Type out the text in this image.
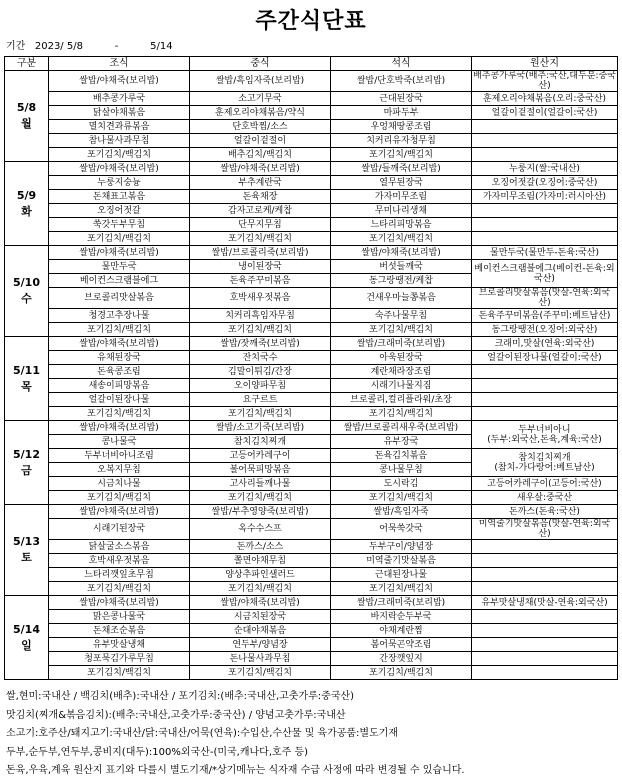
주간식단표
기간   2023/ 5/8          -          5/14
구분	조식	중식	석식	원산지
5/8
월	쌀밥/야채죽(보리밥)	쌀밥/흑임자죽(보리밥)	쌀밥/단호박죽(보리밥)	배추콩가루국(배추:국산,대두분:중국산)
	배추콩가루국	소고기무국	근대된장국	훈제오리야채볶음(오리:중국산)
	닭살야채볶음	훈제오리야채볶음/약식	마파두부	얼갈이겉절이(얼갈이:국산)
	멸치견과류볶음	단호박찜/소스	우엉채땅콩조림	
	참나물사과무침	얼갈이겉절이	치커리유자청무침	
	포기김치/백김치	배추김치/백김치	포기김치/백김치	
5/9
화	쌀밥/야채죽(보리밥)	쌀밥/야채죽(보리밥)	쌀밥/들깨죽(보리밥)	누룽지(쌀:국내산)
	누룽지숭늉	부추계란국	열무된장국	오징어젓갈(오징어:중국산)
	돈채표고볶음	돈육채장	가자미무조림	가자미무조림(가자미:러시아산)
	오징어젓갈	감자고로케/케찹	무미나리생채	
	쑥갓두부무침	단무지무침	느타리피망볶음	
	포기김치/백김치	포기김치/백김치	포기김치/백김치	
5/10
수	쌀밥/야채죽(보리밥)	쌀밥/브로콜리죽(보리밥)	쌀밥/야채죽(보리밥)	물만두국(물만두-돈육:국산)
	물만두국	냉이된장국	버섯들깨국	베이컨스크램블에그(베이컨-돈육:외국산)
	베이컨스크램블에그	돈육주꾸미볶음	동그랑땡전/케찹	
	브로콜리맛살볶음	호박새우젓볶음	건새우마늘쫑볶음	브로콜리맛살볶음(맛살-연육:외국산)
	청경고추장나물	치커리흑임자무침	숙주나물무침	돈육주꾸미볶음(주꾸미:베트남산)
	포기김치/백김치	포기김치/백김치	포기김치/백김치	동그랑땡전(오징어:외국산)
5/11
목	쌀밥/야채죽(보리밥)	쌀밥/잣깨죽(보리밥)	쌀밥/크래미죽(보리밥)	크래미,맛살(연육:외국산)
	유채된장국	잔치국수	아욱된장국	얼갈이된장나물(얼갈이:국산)
	돈육콩조림	김말이튀김/간장	계란채라장조림	
	새송이피망볶음	오이양파무침	시래기나물지짐	
	얼갈이된장나물	요구르트	브로콜리,컬리플라워/초장	
	포기김치/백김치	포기김치/백김치	포기김치/백김치	
5/12
금	쌀밥/야채죽(보리밥)	쌀밥/소고기죽(보리밥)	쌀밥/브로콜리새우죽(보리밥)	두부너비아니
(두부:외국산,돈육,계육:국산)
	콩나물국	참치김치찌개	유부장국	
	두부너비아니조림	고등어카레구이	돈육김치볶음	참치김치찌개
(참치-가다랑어:베트남산)
	오복지무침	볼어묵피망볶음	콩나물무침	
	시금치나물	고사리들깨나물	도시락김	고등어카레구이(고등어:국산)
	포기김치/백김치	포기김치/백김치	포기김치/백김치	새우살:중국산
5/13
토	쌀밥/야채죽(보리밥)	쌀밥/부추영양죽(보리밥)	쌀밥/흑임자죽	돈까스(돈육:국산)
	시래기된장국	옥수수스프	어묵쑥갓국	미역줄기맛살볶음(맛살-연육:외국산)
	닭살굴소스볶음	돈까스/소스	두부구이/양념장	
	호박새우젓볶음	쫄면야채무침	미역줄기맛살볶음	
	느타리깻잎초무침	양상추파인샐러드	근대된장나물	
	포기김치/백김치	포기김치/백김치	포기김치/백김치	
5/14
일	쌀밥/야채죽(보리밥)	쌀밥/야채죽(보리밥)	쌀밥/크래미죽(보리밥)	유부맛살냉채(맛살-연육:외국산)
	맑은콩나물국	시금치된장국	바지락순두부국	
	돈채조순볶음	순대야채볶음	야채계란찜	
	유부맛살냉채	연두부/양념장	봄어묵곤약조림	
	청포묵김가루무침	돈나물사과무침	간장깻잎지	
	포기김치/백김치	포기김치/백김치	포기김치/백김치	
쌀,현미:국내산 / 백김치(배추):국내산 / 포기김치:(배추:국내산,고춧가루:중국산)
맛김치(찌개&볶음김치):(배추:국내산,고춧가루:중국산) / 양념고춧가루:국내산
소고기:호주산/돼지고기:국내산/닭:국내산/어묵(연육):수입산,수산물 및 육가공품:별도기재
두부,순두부,연두부,콩비지(대두):100%외국산-(미국,캐나다,호주 등)
돈육,우육,계육 원산지 표기와 다를시 별도기재/*상기메뉴는 식자재 수급 사정에 따라 변경될 수 있습니다.
